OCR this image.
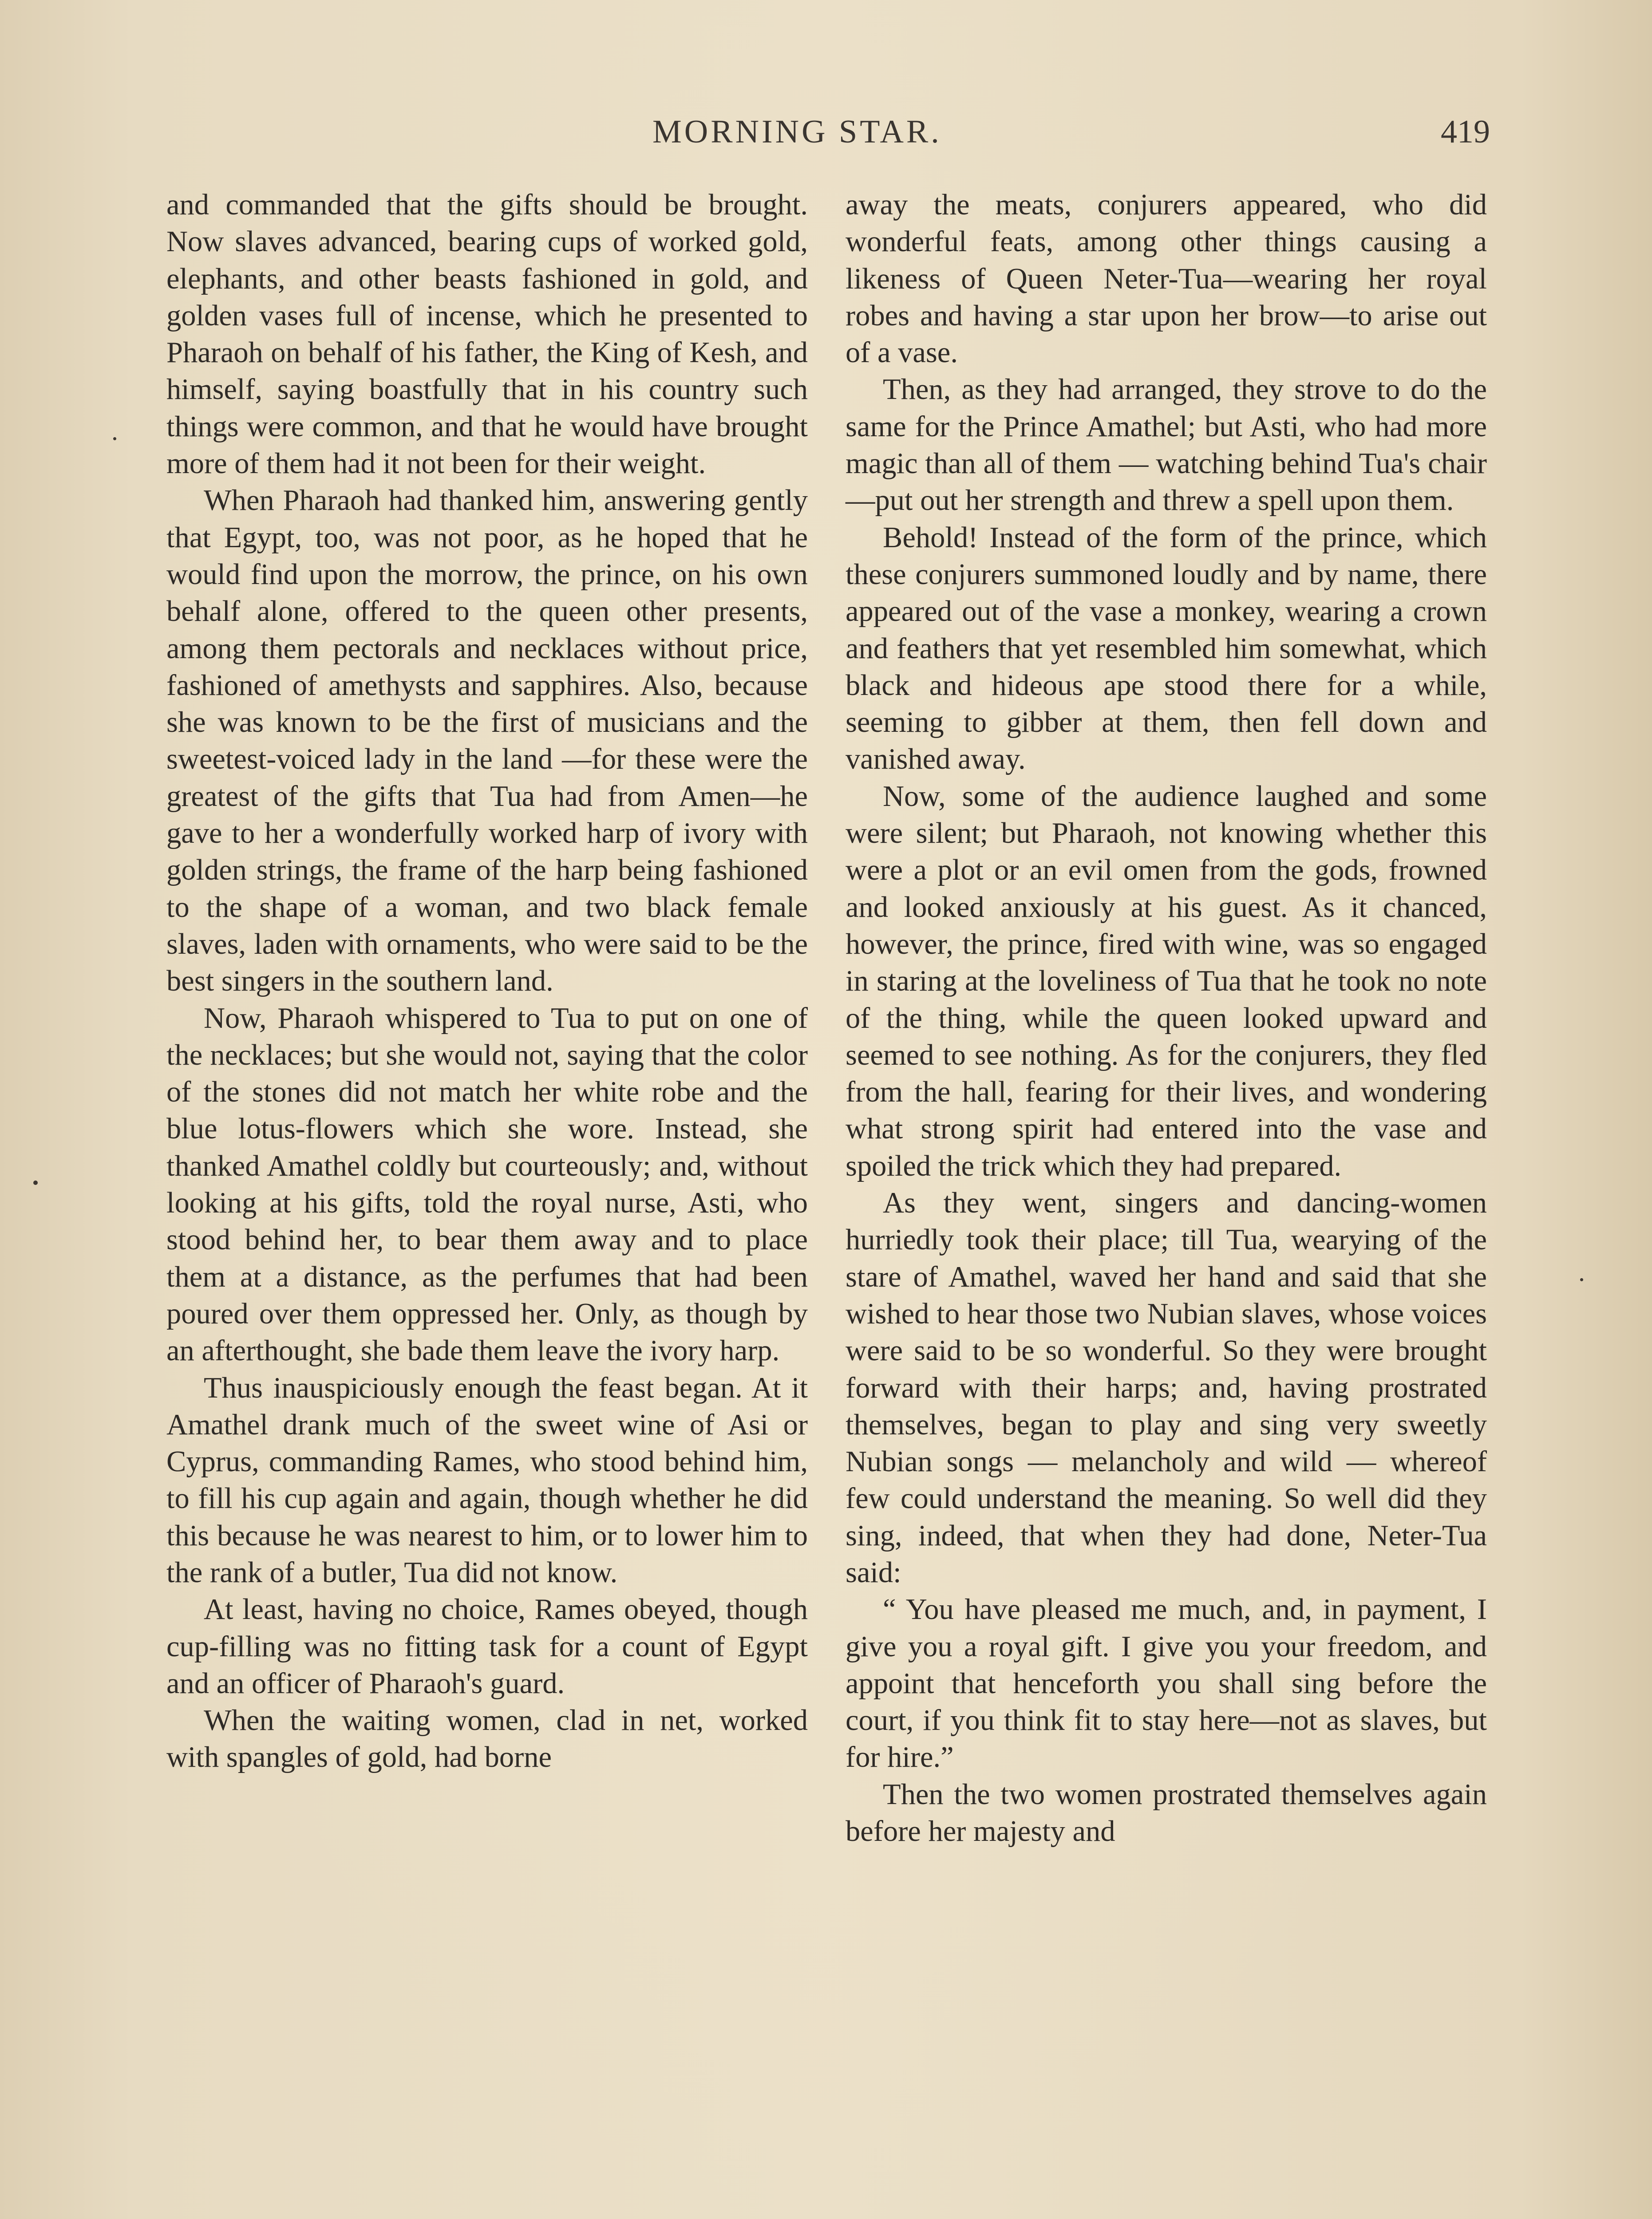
MORNING STAR.	419

and commanded that the gifts should be brought. Now slaves advanced, bearing cups of worked gold, elephants, and other beasts fashioned in gold, and golden vases full of incense, which he presented to Pharaoh on behalf of his father, the King of Kesh, and himself, saying boastfully that in his country such things were common, and that he would have brought more of them had it not been for their weight.

When Pharaoh had thanked him, answering gently that Egypt, too, was not poor, as he hoped that he would find upon the morrow, the prince, on his own behalf alone, offered to the queen other presents, among them pectorals and necklaces without price, fashioned of amethysts and sapphires. Also, because she was known to be the first of musicians and the sweetest-voiced lady in the land —for these were the greatest of the gifts that Tua had from Amen—he gave to her a wonderfully worked harp of ivory with golden strings, the frame of the harp being fashioned to the shape of a woman, and two black female slaves, laden with ornaments, who were said to be the best singers in the southern land.

Now, Pharaoh whispered to Tua to put on one of the necklaces; but she would not, saying that the color of the stones did not match her white robe and the blue lotus-flowers which she wore. Instead, she thanked Amathel coldly but courteously; and, without looking at his gifts, told the royal nurse, Asti, who stood behind her, to bear them away and to place them at a distance, as the perfumes that had been poured over them oppressed her. Only, as though by an afterthought, she bade them leave the ivory harp.

Thus inauspiciously enough the feast began. At it Amathel drank much of the sweet wine of Asi or Cyprus, commanding Rames, who stood behind him, to fill his cup again and again, though whether he did this because he was nearest to him, or to lower him to the rank of a butler, Tua did not know.

At least, having no choice, Rames obeyed, though cup-filling was no fitting task for a count of Egypt and an officer of Pharaoh's guard.

When the waiting women, clad in net, worked with spangles of gold, had borne

away the meats, conjurers appeared, who did wonderful feats, among other things causing a likeness of Queen Neter-Tua—wearing her royal robes and having a star upon her brow—to arise out of a vase.

Then, as they had arranged, they strove to do the same for the Prince Amathel; but Asti, who had more magic than all of them — watching behind Tua's chair—put out her strength and threw a spell upon them.

Behold! Instead of the form of the prince, which these conjurers summoned loudly and by name, there appeared out of the vase a monkey, wearing a crown and feathers that yet resembled him somewhat, which black and hideous ape stood there for a while, seeming to gibber at them, then fell down and vanished away.

Now, some of the audience laughed and some were silent; but Pharaoh, not knowing whether this were a plot or an evil omen from the gods, frowned and looked anxiously at his guest. As it chanced, however, the prince, fired with wine, was so engaged in staring at the loveliness of Tua that he took no note of the thing, while the queen looked upward and seemed to see nothing. As for the conjurers, they fled from the hall, fearing for their lives, and wondering what strong spirit had entered into the vase and spoiled the trick which they had prepared.

As they went, singers and dancing-women hurriedly took their place; till Tua, wearying of the stare of Amathel, waved her hand and said that she wished to hear those two Nubian slaves, whose voices were said to be so wonderful. So they were brought forward with their harps; and, having prostrated themselves, began to play and sing very sweetly Nubian songs — melancholy and wild — whereof few could understand the meaning. So well did they sing, indeed, that when they had done, Neter-Tua said:

“ You have pleased me much, and, in payment, I give you a royal gift. I give you your freedom, and appoint that henceforth you shall sing before the court, if you think fit to stay here—not as slaves, but for hire.”

Then the two women prostrated themselves again before her majesty and
